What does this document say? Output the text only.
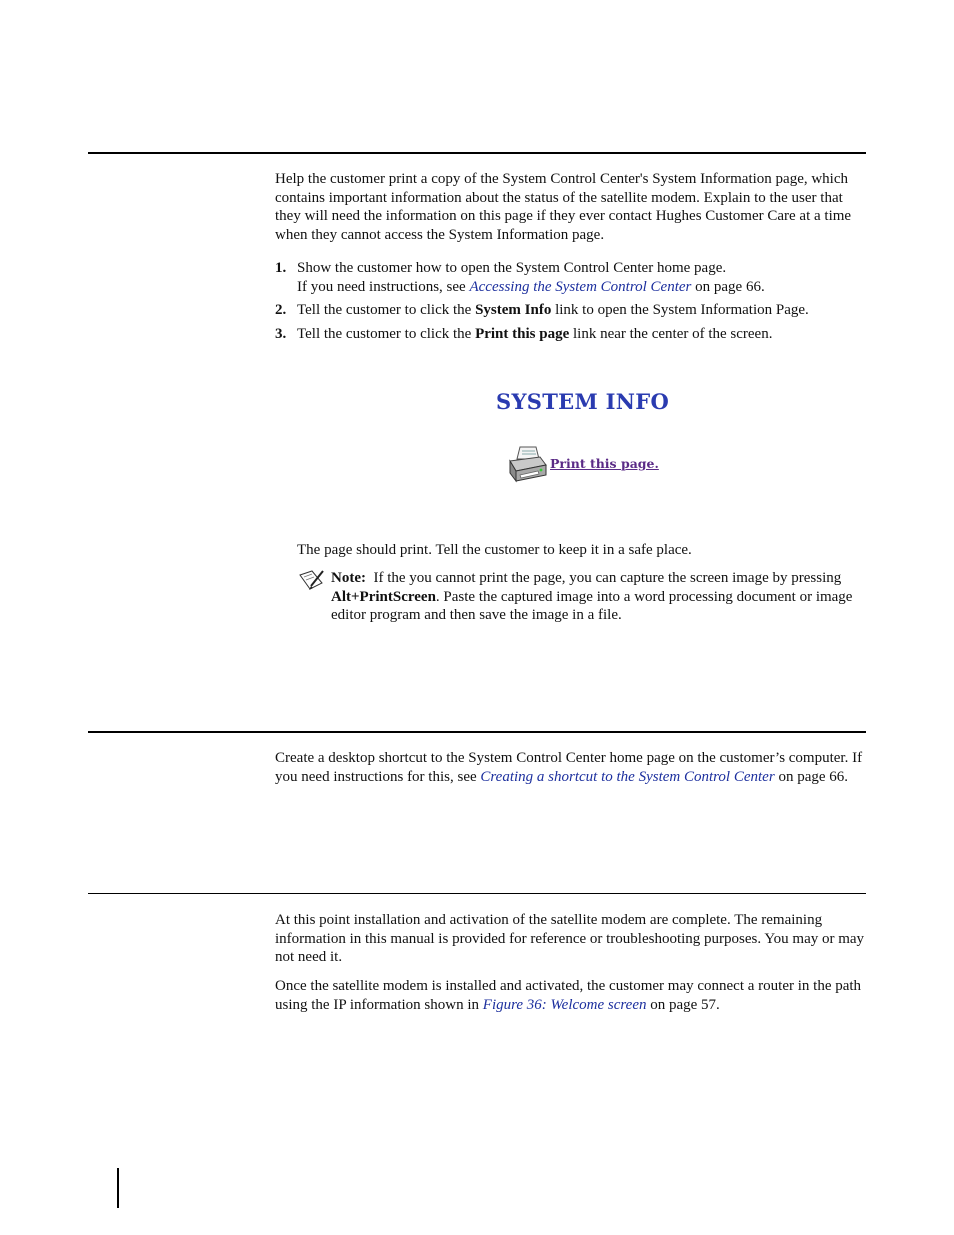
Help the customer print a copy of the System Control Center's System Information page, which contains important information about the status of the satellite modem. Explain to the user that they will need the information on this page if they ever contact Hughes Customer Care at a time when they cannot access the System Information page.

1. Show the customer how to open the System Control Center home page.

If you need instructions, see Accessing the System Control Center on page 66.

2. Tell the customer to click the System Info link to open the System Information Page.

3. Tell the customer to click the Print this page link near the center of the screen.

SYSTEM INFO
Print this page.

The page should print. Tell the customer to keep it in a safe place.

Note: If the you cannot print the page, you can capture the screen image by pressing Alt+PrintScreen. Paste the captured image into a word processing document or image editor program and then save the image in a file.

Create a desktop shortcut to the System Control Center home page on the customer’s computer. If you need instructions for this, see Creating a shortcut to the System Control Center on page 66.

At this point installation and activation of the satellite modem are complete. The remaining information in this manual is provided for reference or troubleshooting purposes. You may or may not need it.

Once the satellite modem is installed and activated, the customer may connect a router in the path using the IP information shown in Figure 36: Welcome screen on page 57.
